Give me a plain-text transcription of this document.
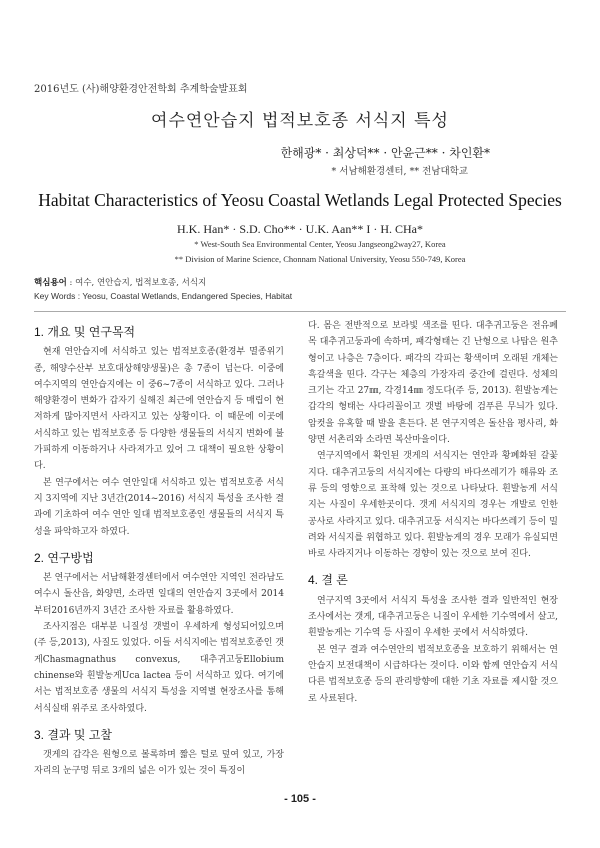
2016년도 (사)해양환경안전학회 추계학술발표회
여수연안습지 법적보호종 서식지 특성
한해광* · 최상덕** · 안윤근** · 차인환*
* 서남해환경센터, ** 전남대학교
Habitat Characteristics of Yeosu Coastal Wetlands Legal Protected Species
H.K. Han* · S.D. Cho** · U.K. Aan** I · H. CHa*
* West-South Sea Environmental Center, Yeosu Jangseong2way27, Korea
** Division of Marine Science, Chonnam National University, Yeosu 550-749, Korea
핵심용어 : 여수, 연안습지, 법적보호종, 서식지
Key Words : Yeosu, Coastal Wetlands, Endangered Species, Habitat
1. 개요 및 연구목적

현재 연안습지에 서식하고 있는 법적보호종(환경부 멸종위기종, 해양수산부 보호대상해양생물)은 총 7종이 넘는다. 이중에 여수지역의 연안습지에는 이 중6~7종이 서식하고 있다. 그러나 해양환경이 변화가 갑자기 실해진 최근에 연안습지 등 매립이 현저하게 많아지면서 사라지고 있는 상황이다. 이 때문에 이곳에 서식하고 있는 법적보호종 등 다양한 생물들의 서식지 변화에 불가피하게 이동하거나 사라져가고 있어 그 대책이 필요한 상황이다.

본 연구에서는 여수 연안일대 서식하고 있는 법적보호종 서식지 3지역에 지난 3년간(2014~2016) 서식지 특성을 조사한 결과에 기초하여 여수 연안 일대 법적보호종인 생물들의 서식지 특성을 파악하고자 하였다.

2. 연구방법

본 연구에서는 서남해환경센터에서 여수연안 지역인 전라남도 여수시 돌산읍, 화양면, 소라면 일대의 연안습지 3곳에서 2014부터2016년까지 3년간 조사한 자료를 활용하였다.

조사지점은 대부분 니질성 갯벌이 우세하게 형성되어있으며(주 등,2013), 사질도 있었다. 이들 서식지에는 법적보호종인 갯게Chasmagnathus convexus, 대추귀고둥Ellobium chinense와 흰발농게Uca lactea 등이 서식하고 있다. 여기에서는 법적보호종 생물의 서식지 특성을 지역별 현장조사를 통해 서식실태 위주로 조사하였다.

3. 결과 및 고찰

갯게의 갑각은 원형으로 볼록하며 짧은 털로 덮여 있고, 가장자리의 눈구멍 뒤로 3개의 넓은 이가 있는 것이 특징이

다. 몸은 전반적으로 보라빛 색조를 띤다. 대추귀고둥은 전유폐목 대추귀고둥과에 속하며, 패각형태는 긴 난형으로 나탑은 원추형이고 나층은 7층이다. 패각의 각피는 황색이며 오래된 개체는 흑갈색을 띤다. 각구는 체층의 가장자리 중간에 걸린다. 성체의 크기는 각고 27㎜, 각경14㎜ 정도다(주 등, 2013). 흰발농게는 갑각의 형태는 사다리꼴이고 갯벌 바탕에 검푸른 무늬가 있다. 암컷을 유혹할 때 발을 흔든다. 본 연구지역은 돌산읍 평사리, 화양면 서촌리와 소라면 복산마을이다.

연구지역에서 확인된 갯게의 서식지는 연안과 황폐화된 갈꽃지다. 대추귀고둥의 서식지에는 다량의 바다쓰레기가 해류와 조류 등의 영향으로 표착해 있는 것으로 나타났다. 흰발농게 서식지는 사질이 우세한곳이다. 갯게 서식지의 경우는 개발로 인한 공사로 사라지고 있다. 대추귀고둥 서식지는 바다쓰레기 등이 밀려와 서식지를 위협하고 있다. 흰발농게의 경우 모래가 유실되면 바로 사라지거나 이동하는 경향이 있는 것으로 보여 진다.

4. 결 론

연구지역 3곳에서 서식지 특성을 조사한 결과 일반적인 현장조사에서는 갯게, 대추귀고둥은 니질이 우세한 기수역에서 살고, 흰발농게는 기수역 등 사질이 우세한 곳에서 서식하였다.

본 연구 결과 여수연안의 법적보호종을 보호하기 위해서는 연안습지 보전대책이 시급하다는 것이다. 이와 함께 연안습지 서식 다른 법적보호종 등의 관리방향에 대한 기초 자료를 제시할 것으로 사료된다.

- 105 -
